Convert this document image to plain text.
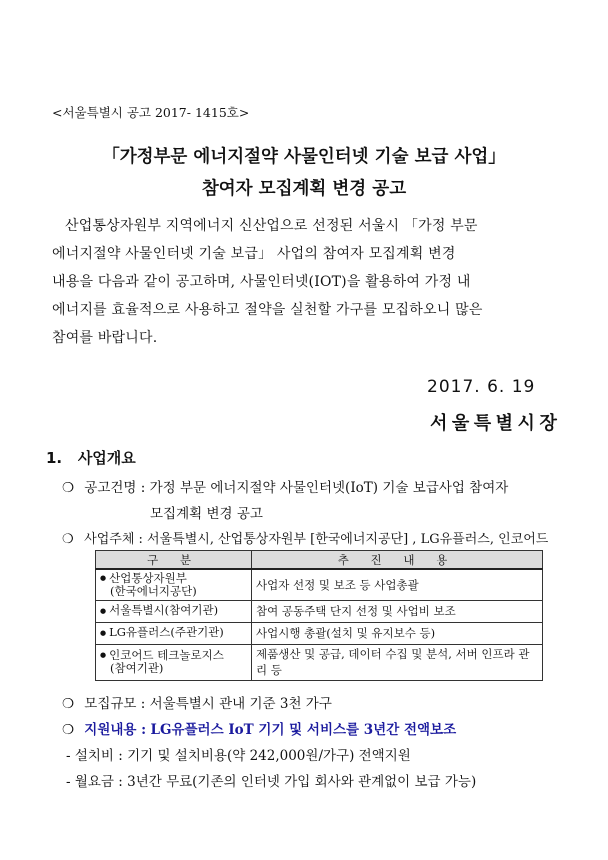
<서울특별시 공고 2017- 1415호>
「가정부문 에너지절약 사물인터넷 기술 보급 사업」
참여자 모집계획 변경 공고
산업통상자원부 지역에너지 신산업으로 선정된 서울시 「가정 부문
에너지절약 사물인터넷 기술 보급」 사업의 참여자 모집계획 변경
내용을 다음과 같이 공고하며, 사물인터넷(IOT)을 활용하여 가정 내
에너지를 효율적으로 사용하고 절약을 실천할 가구를 모집하오니 많은
참여를 바랍니다.
2017. 6. 19
서울특별시장
1. 사업개요
❍ 공고건명 : 가정 부문 에너지절약 사물인터넷(IoT) 기술 보급사업 참여자
모집계획 변경 공고
❍ 사업주체 : 서울특별시, 산업통상자원부 [한국에너지공단] , LG유플러스, 인코어드
구 분	추 진 내 용

● 산업통상자원부
(한국에너지공단)	사업자 선정 및 보조 등 사업총괄

● 서울특별시(참여기관)	참여 공동주택 단지 선정 및 사업비 보조

● LG유플러스(주관기관)	사업시행 총괄(설치 및 유지보수 등)

● 인코어드 테크놀로지스
(참여기관)	제품생산 및 공급, 데이터 수집 및 분석, 서버 인프라 관리 등
❍ 모집규모 : 서울특별시 관내 기준 3천 가구
❍ 지원내용 : LG유플러스 IoT 기기 및 서비스를 3년간 전액보조
- 설치비 : 기기 및 설치비용(약 242,000원/가구) 전액지원
- 월요금 : 3년간 무료(기존의 인터넷 가입 회사와 관계없이 보급 가능)
